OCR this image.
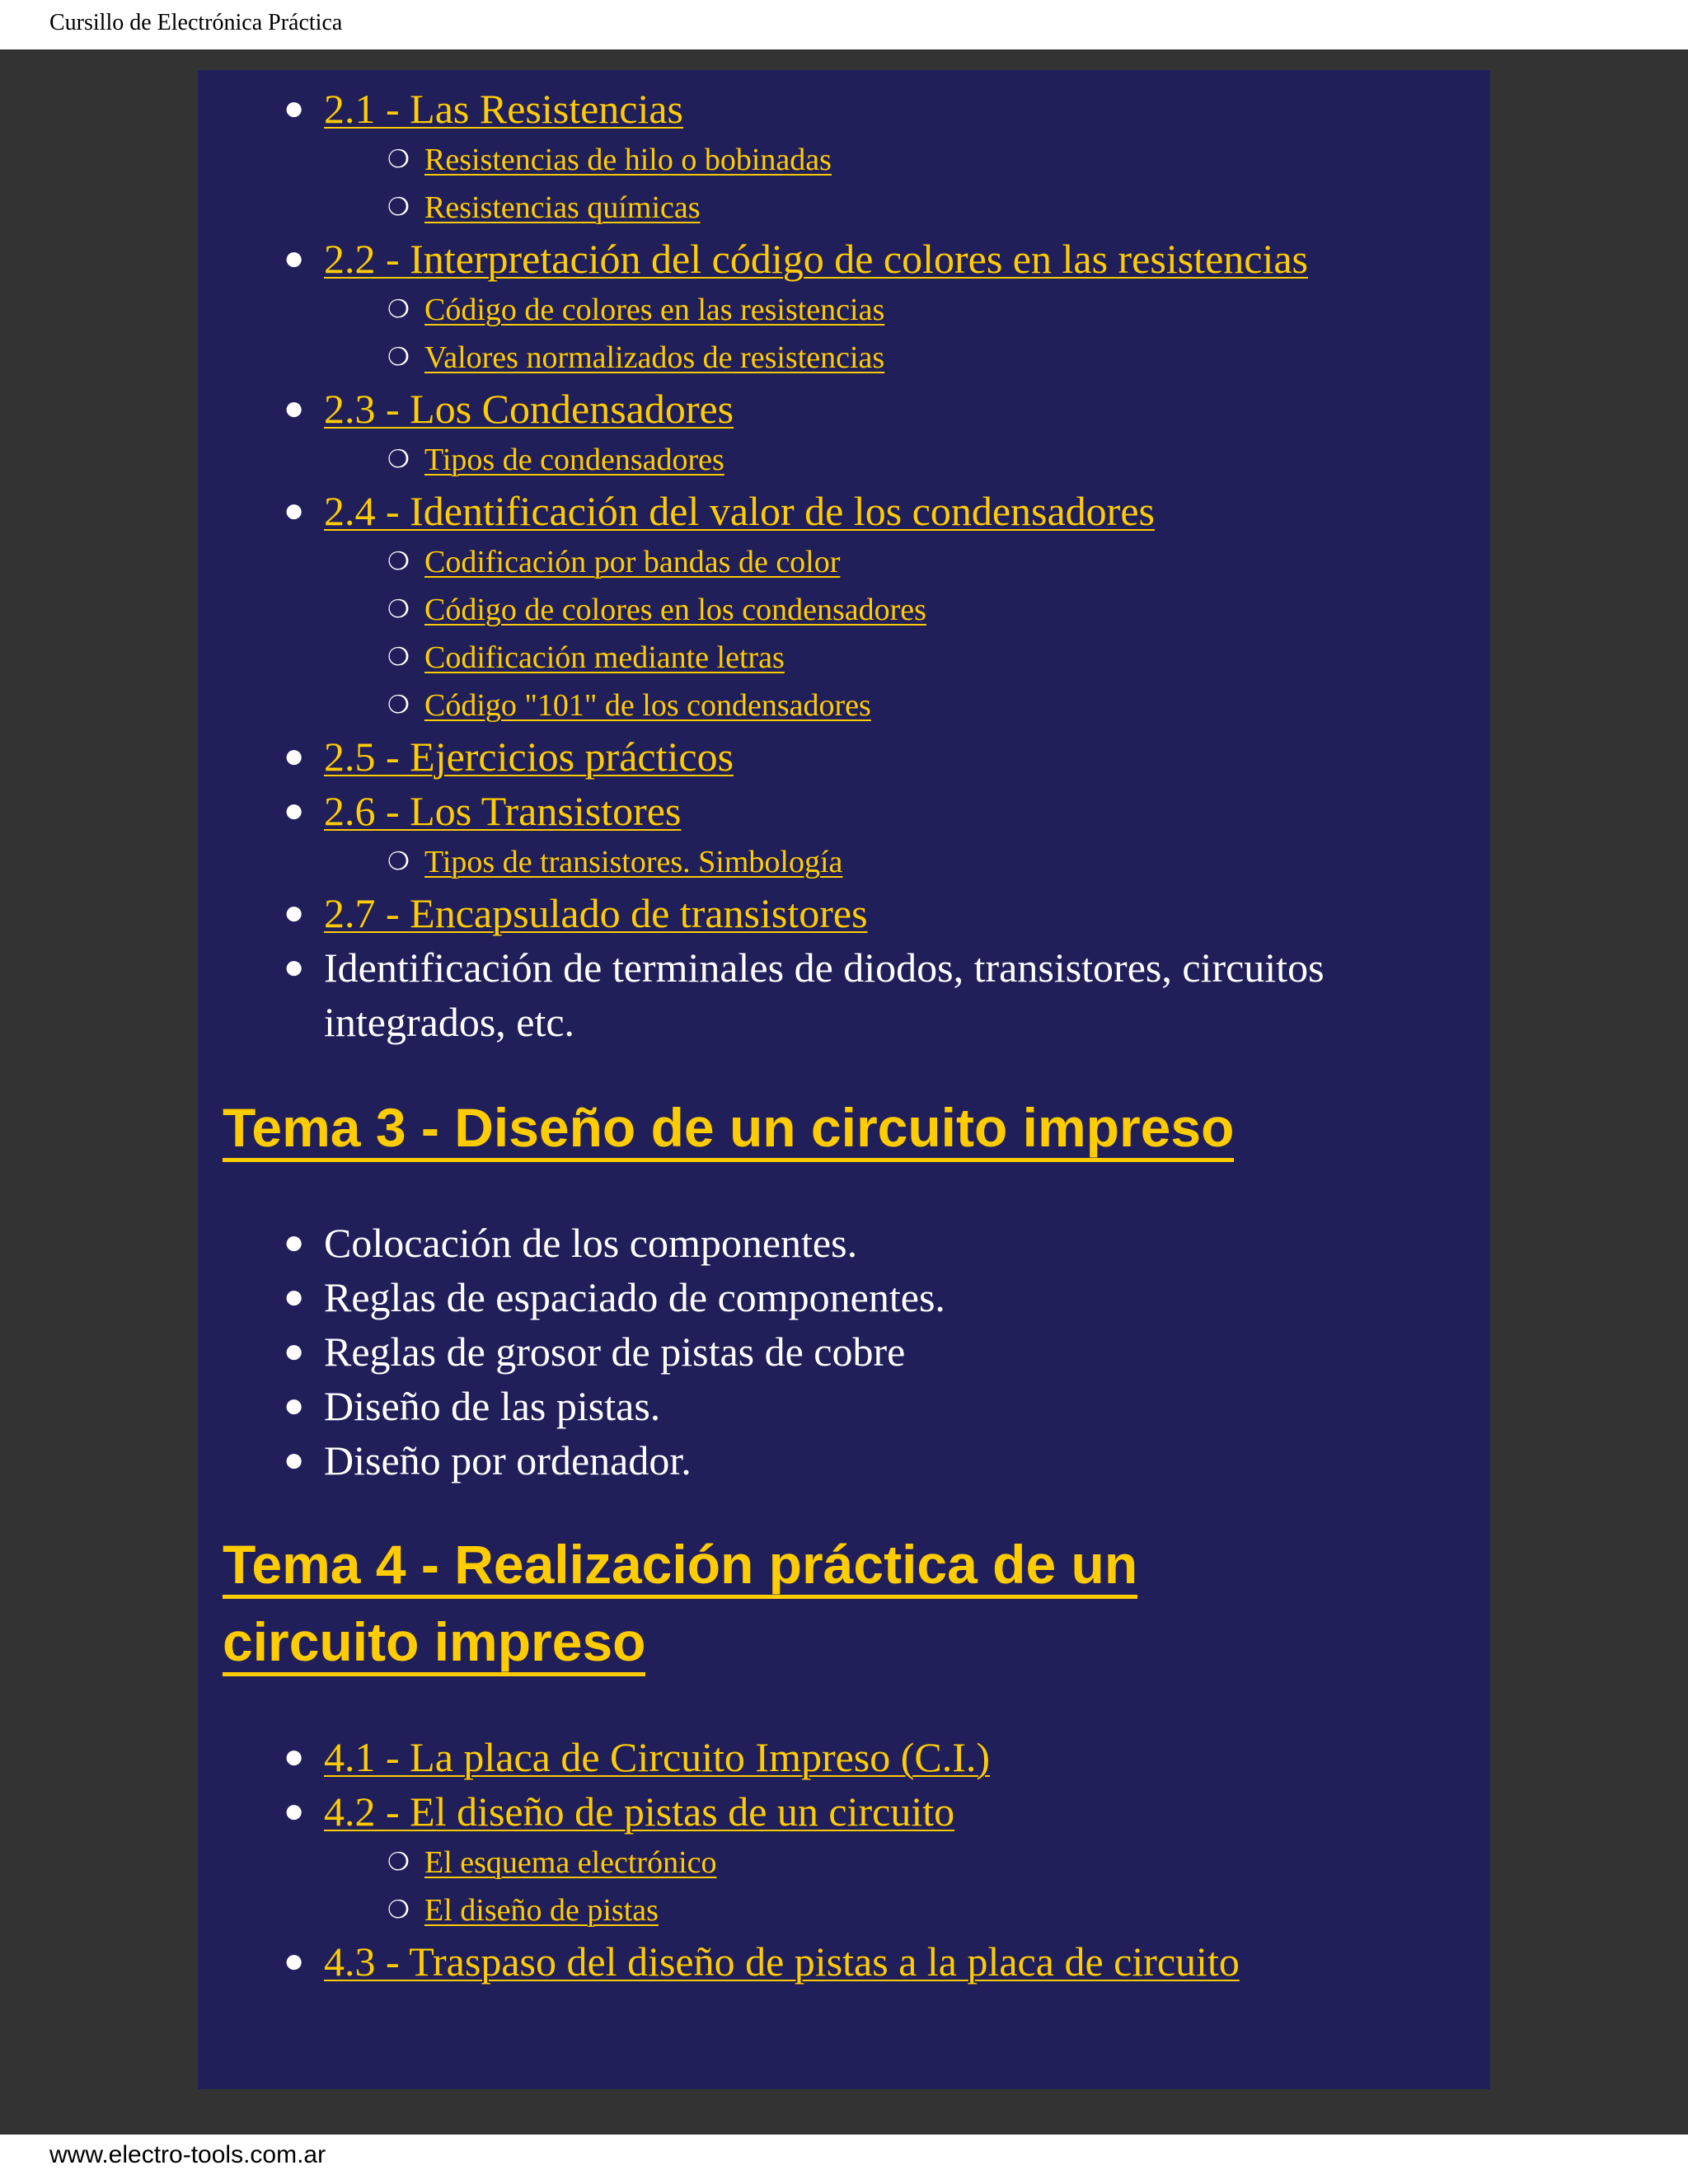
Cursillo de Electrónica Práctica
● 2.1 - Las Resistencias
❍ Resistencias de hilo o bobinadas
❍ Resistencias químicas
● 2.2 - Interpretación del código de colores en las resistencias
❍ Código de colores en las resistencias
❍ Valores normalizados de resistencias
● 2.3 - Los Condensadores
❍ Tipos de condensadores
● 2.4 - Identificación del valor de los condensadores
❍ Codificación por bandas de color
❍ Código de colores en los condensadores
❍ Codificación mediante letras
❍ Código "101" de los condensadores
● 2.5 - Ejercicios prácticos
● 2.6 - Los Transistores
❍ Tipos de transistores. Simbología
● 2.7 - Encapsulado de transistores
● Identificación de terminales de diodos, transistores, circuitos integrados, etc.
Tema 3 - Diseño de un circuito impreso
● Colocación de los componentes.
● Reglas de espaciado de componentes.
● Reglas de grosor de pistas de cobre
● Diseño de las pistas.
● Diseño por ordenador.
Tema 4 - Realización práctica de un
circuito impreso
● 4.1 - La placa de Circuito Impreso (C.I.)
● 4.2 - El diseño de pistas de un circuito
❍ El esquema electrónico
❍ El diseño de pistas
● 4.3 - Traspaso del diseño de pistas a la placa de circuito
www.electro-tools.com.ar
